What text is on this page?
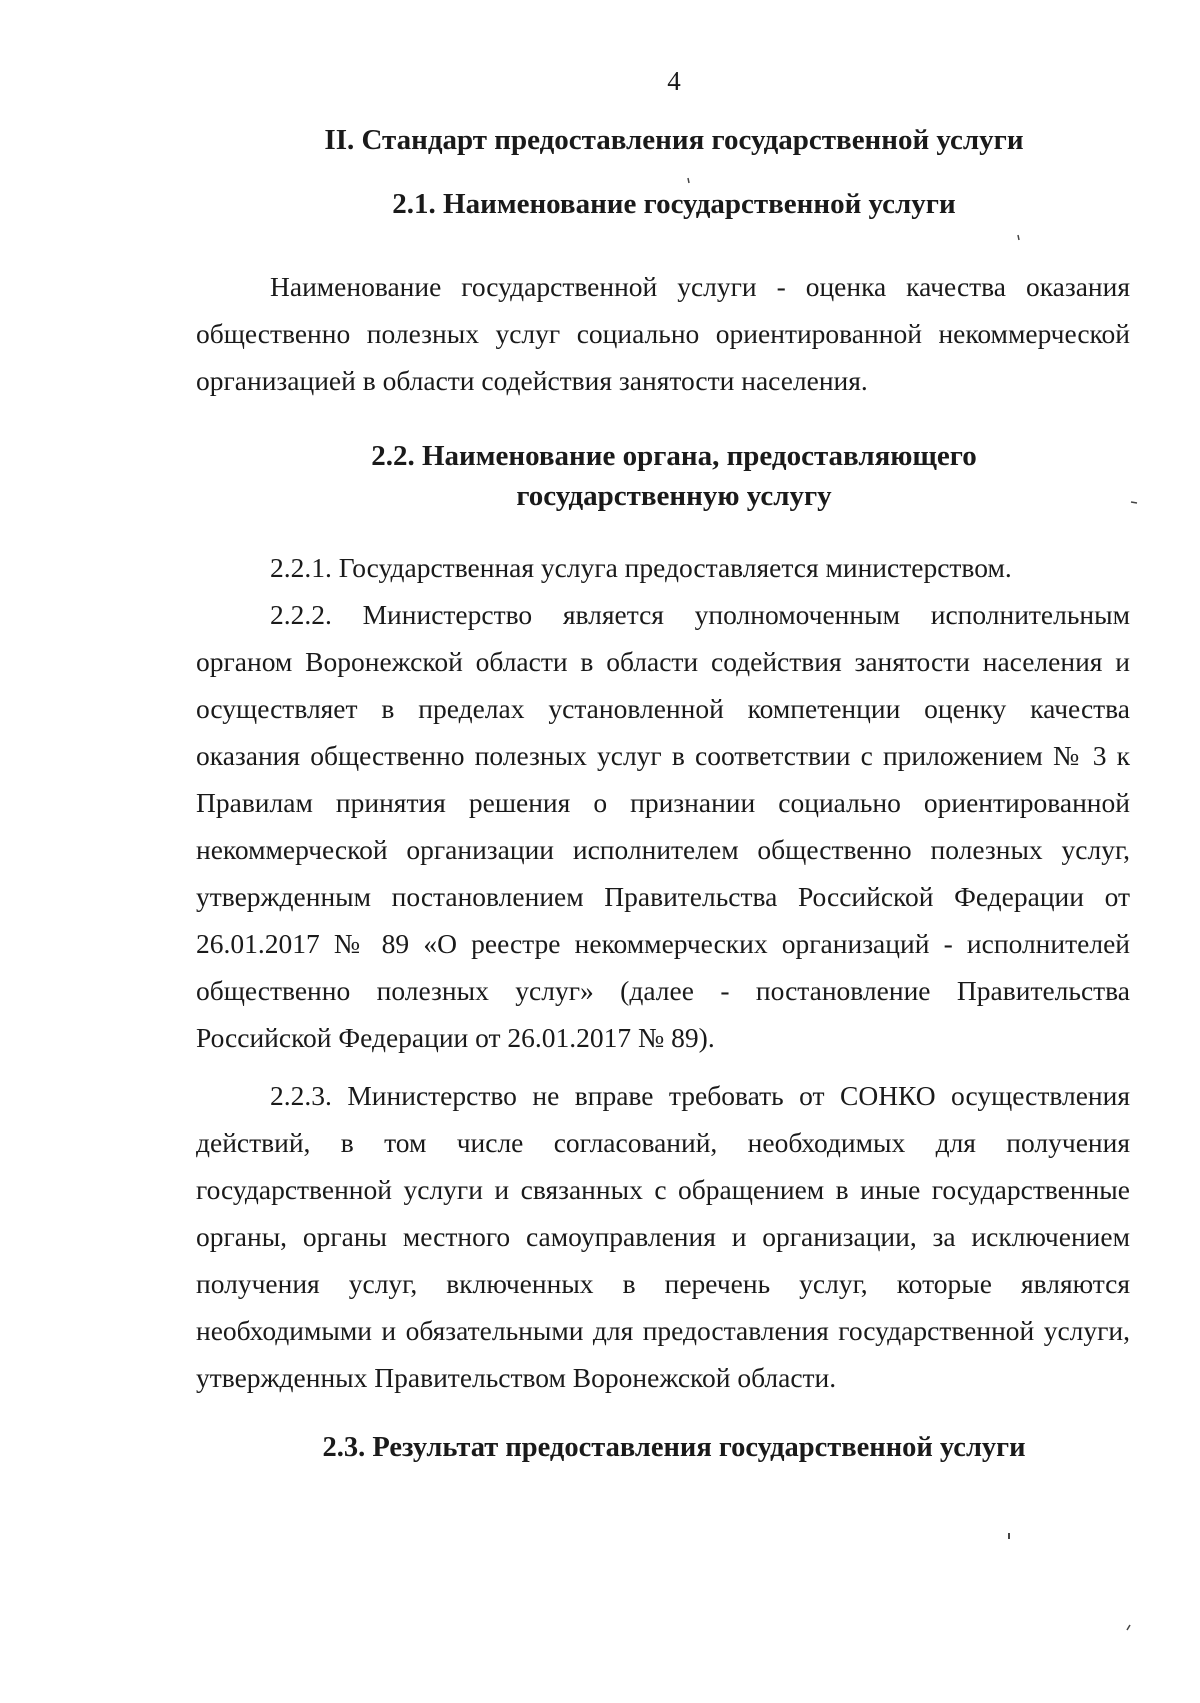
4
II. Стандарт предоставления государственной услуги
2.1. Наименование государственной услуги
Наименование государственной услуги - оценка качества оказания общественно полезных услуг социально ориентированной некоммерческой организацией в области содействия занятости населения.
2.2. Наименование органа, предоставляющего
государственную услугу
2.2.1. Государственная услуга предоставляется министерством.
2.2.2. Министерство является уполномоченным исполнительным органом Воронежской области в области содействия занятости населения и осуществляет в пределах установленной компетенции оценку качества оказания общественно полезных услуг в соответствии с приложением № 3 к Правилам принятия решения о признании социально ориентированной некоммерческой организации исполнителем общественно полезных услуг, утвержденным постановлением Правительства Российской Федерации от 26.01.2017 № 89 «О реестре некоммерческих организаций - исполнителей общественно полезных услуг» (далее - постановление Правительства Российской Федерации от 26.01.2017 № 89).
2.2.3. Министерство не вправе требовать от СОНКО осуществления действий, в том числе согласований, необходимых для получения государственной услуги и связанных с обращением в иные государственные органы, органы местного самоуправления и организации, за исключением получения услуг, включенных в перечень услуг, которые являются необходимыми и обязательными для предоставления государственной услуги, утвержденных Правительством Воронежской области.
2.3. Результат предоставления государственной услуги
